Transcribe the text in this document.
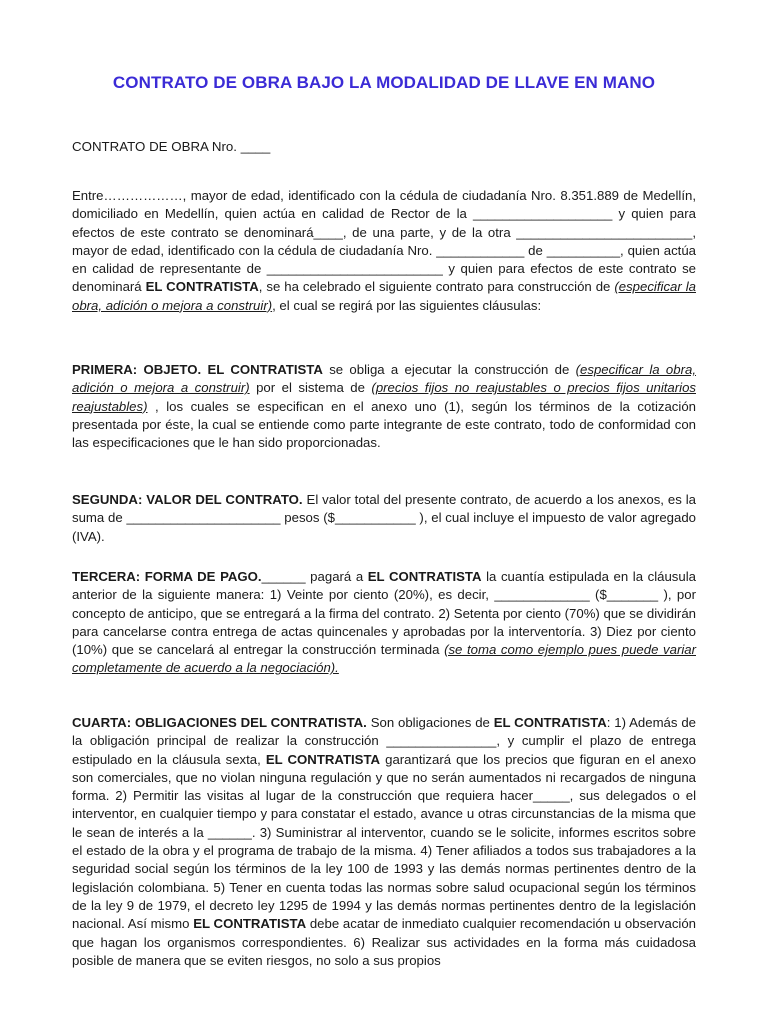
CONTRATO DE OBRA BAJO LA MODALIDAD DE LLAVE EN MANO
CONTRATO DE OBRA Nro. ____
Entre………………, mayor de edad, identificado con la cédula de ciudadanía Nro. 8.351.889 de Medellín, domiciliado en Medellín, quien actúa en calidad de Rector de la ___________________ y quien para efectos de este contrato se denominará____, de una parte, y de la otra ________________________, mayor de edad, identificado con la cédula de ciudadanía Nro. ____________ de __________, quien actúa en calidad de representante de ________________________ y quien para efectos de este contrato se denominará EL CONTRATISTA, se ha celebrado el siguiente contrato para construcción de (especificar la obra, adición o mejora a construir), el cual se regirá por las siguientes cláusulas:
PRIMERA: OBJETO. EL CONTRATISTA se obliga a ejecutar la construcción de (especificar la obra, adición o mejora a construir) por el sistema de (precios fijos no reajustables o precios fijos unitarios reajustables) , los cuales se especifican en el anexo uno (1), según los términos de la cotización presentada por éste, la cual se entiende como parte integrante de este contrato, todo de conformidad con las especificaciones que le han sido proporcionadas.
SEGUNDA: VALOR DEL CONTRATO. El valor total del presente contrato, de acuerdo a los anexos, es la suma de _____________________ pesos ($___________ ), el cual incluye el impuesto de valor agregado (IVA).
TERCERA: FORMA DE PAGO.______ pagará a EL CONTRATISTA la cuantía estipulada en la cláusula anterior de la siguiente manera: 1) Veinte por ciento (20%), es decir, _____________ ($_______ ), por concepto de anticipo, que se entregará a la firma del contrato. 2) Setenta por ciento (70%) que se dividirán para cancelarse contra entrega de actas quincenales y aprobadas por la interventoría. 3) Diez por ciento (10%) que se cancelará al entregar la construcción terminada (se toma como ejemplo pues puede variar completamente de acuerdo a la negociación).
CUARTA: OBLIGACIONES DEL CONTRATISTA. Son obligaciones de EL CONTRATISTA: 1) Además de la obligación principal de realizar la construcción _______________, y cumplir el plazo de entrega estipulado en la cláusula sexta, EL CONTRATISTA garantizará que los precios que figuran en el anexo son comerciales, que no violan ninguna regulación y que no serán aumentados ni recargados de ninguna forma. 2) Permitir las visitas al lugar de la construcción que requiera hacer_____, sus delegados o el interventor, en cualquier tiempo y para constatar el estado, avance u otras circunstancias de la misma que le sean de interés a la ______. 3) Suministrar al interventor, cuando se le solicite, informes escritos sobre el estado de la obra y el programa de trabajo de la misma. 4) Tener afiliados a todos sus trabajadores a la seguridad social según los términos de la ley 100 de 1993 y las demás normas pertinentes dentro de la legislación colombiana. 5) Tener en cuenta todas las normas sobre salud ocupacional según los términos de la ley 9 de 1979, el decreto ley 1295 de 1994 y las demás normas pertinentes dentro de la legislación nacional. Así mismo EL CONTRATISTA debe acatar de inmediato cualquier recomendación u observación que hagan los organismos correspondientes. 6) Realizar sus actividades en la forma más cuidadosa posible de manera que se eviten riesgos, no solo a sus propios
